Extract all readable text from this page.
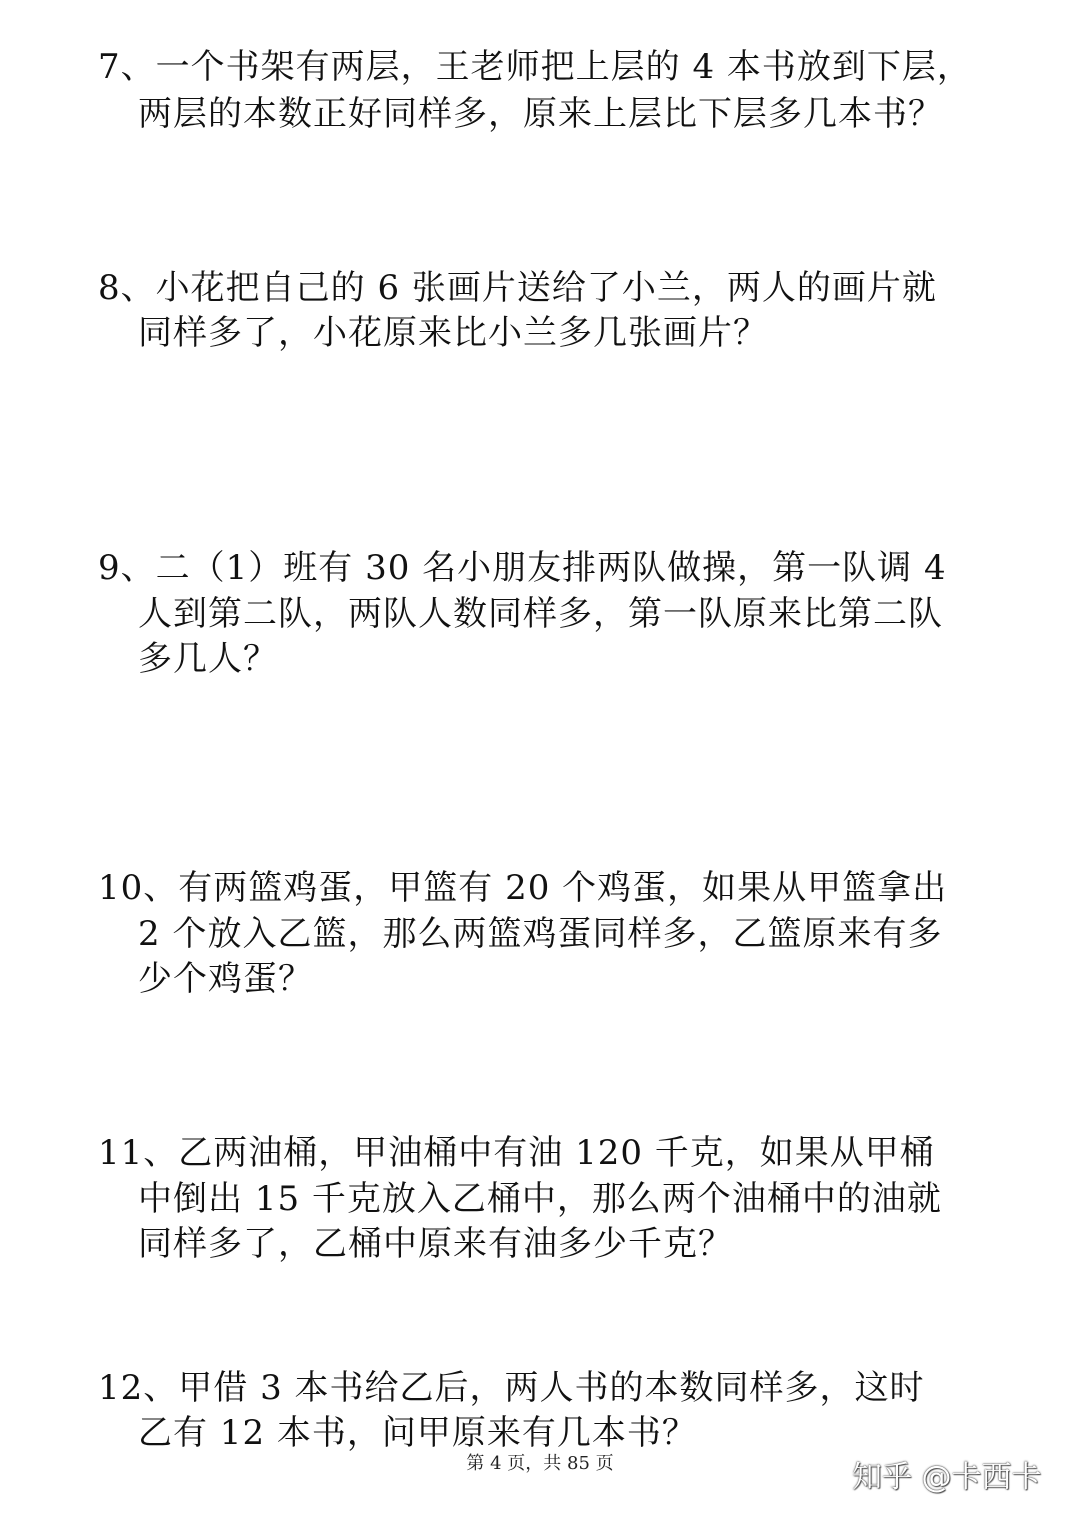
7、一个书架有两层，王老师把上层的 4 本书放到下层，

两层的本数正好同样多，原来上层比下层多几本书？

8、小花把自己的 6 张画片送给了小兰，两人的画片就

同样多了，小花原来比小兰多几张画片？

9、二（1）班有 30 名小朋友排两队做操，第一队调 4

人到第二队，两队人数同样多，第一队原来比第二队

多几人？

10、有两篮鸡蛋，甲篮有 20 个鸡蛋，如果从甲篮拿出

2 个放入乙篮，那么两篮鸡蛋同样多，乙篮原来有多

少个鸡蛋？

11、乙两油桶，甲油桶中有油 120 千克，如果从甲桶

中倒出 15 千克放入乙桶中，那么两个油桶中的油就

同样多了，乙桶中原来有油多少千克？

12、甲借 3 本书给乙后，两人书的本数同样多，这时

乙有 12 本书，问甲原来有几本书？

第 4 页，共 85 页	知乎 @卡西卡
